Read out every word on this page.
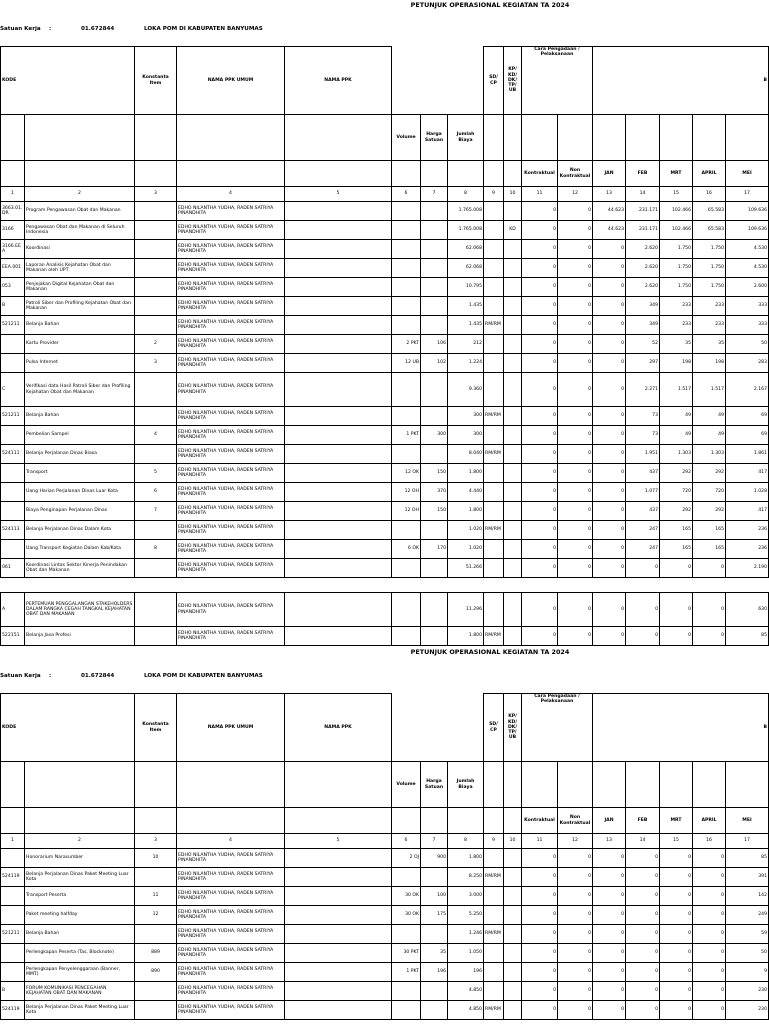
PETUNJUK OPERASIONAL KEGIATAN TA 2024
Satuan Kerja :	01.672844	LOKA POM DI KABUPATEN BANYUMAS
KODE		Konstanta Item	NAMA PPK UMUM	NAMA PPK				SD/ CP	KP/ KD/ DK/ TP/ UB	Cara Pengadaan / Pelaksanaan		B				
					Volume	Harga Satuan	Jumlah Biaya									
										Kontraktual	Non Kontraktual	JAN	FEB	MRT	APRIL	MEI
1	2	3	4	5	6	7	8	9	10	11	12	13	14	15	16	17
3663.01. DR	Program Pengawasan Obat dan Makanan		EDHO NILANTHA YUDHA, RADEN SATRIYA PINANDHITA				1.765.008			0	0	44.623	231.171	102.466	65.583	109.636
3166	Pengawasan Obat dan Makanan di Seluruh Indonesia		EDHO NILANTHA YUDHA, RADEN SATRIYA PINANDHITA				1.765.008		KD	0	0	44.623	231.171	102.466	65.583	109.636
3166.EE A	Koordinasi		EDHO NILANTHA YUDHA, RADEN SATRIYA PINANDHITA				62.068			0	0	0	2.620	1.750	1.750	4.530
EEA.001	Laporan Analisis Kejahatan Obat dan Makanan oleh UPT		EDHO NILANTHA YUDHA, RADEN SATRIYA PINANDHITA				62.068			0	0	0	2.620	1.750	1.750	4.530
053	Penjejakan Digital Kejahatan Obat dan Makanan		EDHO NILANTHA YUDHA, RADEN SATRIYA PINANDHITA				10.795			0	0	0	2.620	1.750	1.750	2.600
B	Patroli Siber dan Profiling Kejahatan Obat dan Makanan		EDHO NILANTHA YUDHA, RADEN SATRIYA PINANDHITA				1.435			0	0	0	349	233	233	333
521211	Belanja Bahan		EDHO NILANTHA YUDHA, RADEN SATRIYA PINANDHITA				1.435	RM/RM		0	0	0	349	233	233	333
	Kartu Provider	2	EDHO NILANTHA YUDHA, RADEN SATRIYA PINANDHITA		2 PKT	106	212			0	0	0	52	35	35	50
	Pulsa Internet	3	EDHO NILANTHA YUDHA, RADEN SATRIYA PINANDHITA		12 UB	102	1.224			0	0	0	297	198	198	283
C	Verifikasi data Hasil Patroli Siber dan Profiling Kejahatan Obat dan Makanan		EDHO NILANTHA YUDHA, RADEN SATRIYA PINANDHITA				9.360			0	0	0	2.271	1.517	1.517	2.167
521211	Belanja Bahan		EDHO NILANTHA YUDHA, RADEN SATRIYA PINANDHITA				300	RM/RM		0	0	0	73	49	49	69
	Pembelian Sampel	4	EDHO NILANTHA YUDHA, RADEN SATRIYA PINANDHITA		1 PKT	300	300			0	0	0	73	49	49	69
524111	Belanja Perjalanan Dinas Biasa		EDHO NILANTHA YUDHA, RADEN SATRIYA PINANDHITA				8.040	RM/RM		0	0	0	1.951	1.303	1.303	1.861
	Transport	5	EDHO NILANTHA YUDHA, RADEN SATRIYA PINANDHITA		12 OK	150	1.800			0	0	0	437	292	292	417
	Uang Harian Perjalanan Dinas Luar Kota	6	EDHO NILANTHA YUDHA, RADEN SATRIYA PINANDHITA		12 OH	370	4.440			0	0	0	1.077	720	720	1.028
	Biaya Penginapan Perjalanan Dinas	7	EDHO NILANTHA YUDHA, RADEN SATRIYA PINANDHITA		12 OH	150	1.800			0	0	0	437	292	292	417
524113	Belanja Perjalanan Dinas Dalam Kota		EDHO NILANTHA YUDHA, RADEN SATRIYA PINANDHITA				1.020	RM/RM		0	0	0	247	165	165	236
	Uang Transport Kegiatan Dalam Kab/Kota	8	EDHO NILANTHA YUDHA, RADEN SATRIYA PINANDHITA		6 OK	170	1.020			0	0	0	247	165	165	236
061	Koordinasi Lintas Sektor Kinerja Penindakan Obat dan Makanan		EDHO NILANTHA YUDHA, RADEN SATRIYA PINANDHITA				51.266			0	0	0	0	0	0	2.190

A	PERTEMUAN PENGGALANGAN STAKEHOLDERS DALAM RANGKA CEGAH TANGKAL KEJAHATAN OBAT DAN MAKANAN		EDHO NILANTHA YUDHA, RADEN SATRIYA PINANDHITA				11.296			0	0	0	0	0	0	630
522151	Belanja Jasa Profesi		EDHO NILANTHA YUDHA, RADEN SATRIYA PINANDHITA				1.800	RM/RM		0	0	0	0	0	0	85
PETUNJUK OPERASIONAL KEGIATAN TA 2024
Satuan Kerja :	01.672844	LOKA POM DI KABUPATEN BANYUMAS
KODE		Konstanta Item	NAMA PPK UMUM	NAMA PPK				SD/ CP	KP/ KD/ DK/ TP/ UB	Cara Pengadaan / Pelaksanaan		B				
					Volume	Harga Satuan	Jumlah Biaya									
										Kontraktual	Non Kontraktual	JAN	FEB	MRT	APRIL	MEI
1	2	3	4	5	6	7	8	9	10	11	12	13	14	15	16	17
	Honorarium Narasumber	10	EDHO NILANTHA YUDHA, RADEN SATRIYA PINANDHITA		2 OJ	900	1.800			0	0	0	0	0	0	85
524119	Belanja Perjalanan Dinas Paket Meeting Luar Kota		EDHO NILANTHA YUDHA, RADEN SATRIYA PINANDHITA				8.250	RM/RM		0	0	0	0	0	0	391
	Transport Peserta	11	EDHO NILANTHA YUDHA, RADEN SATRIYA PINANDHITA		30 OK	100	3.000			0	0	0	0	0	0	142
	Paket meeting halfday	12	EDHO NILANTHA YUDHA, RADEN SATRIYA PINANDHITA		30 OK	175	5.250			0	0	0	0	0	0	249
521211	Belanja Bahan		EDHO NILANTHA YUDHA, RADEN SATRIYA PINANDHITA				1.246	RM/RM		0	0	0	0	0	0	59
	Perlengkapan Peserta (Tas, Blocknote)	889	EDHO NILANTHA YUDHA, RADEN SATRIYA PINANDHITA		30 PKT	35	1.050			0	0	0	0	0	0	50
	Perlengkapan Penyelenggaraan (Banner, MMT)	890	EDHO NILANTHA YUDHA, RADEN SATRIYA PINANDHITA		1 PKT	196	196			0	0	0	0	0	0	9
B	FORUM KOMUNIKASI PENCEGAHAN KEJAHATAN OBAT DAN MAKANAN		EDHO NILANTHA YUDHA, RADEN SATRIYA PINANDHITA				4.850			0	0	0	0	0	0	230
524119	Belanja Perjalanan Dinas Paket Meeting Luar Kota		EDHO NILANTHA YUDHA, RADEN SATRIYA PINANDHITA				4.850	RM/RM		0	0	0	0	0	0	230
